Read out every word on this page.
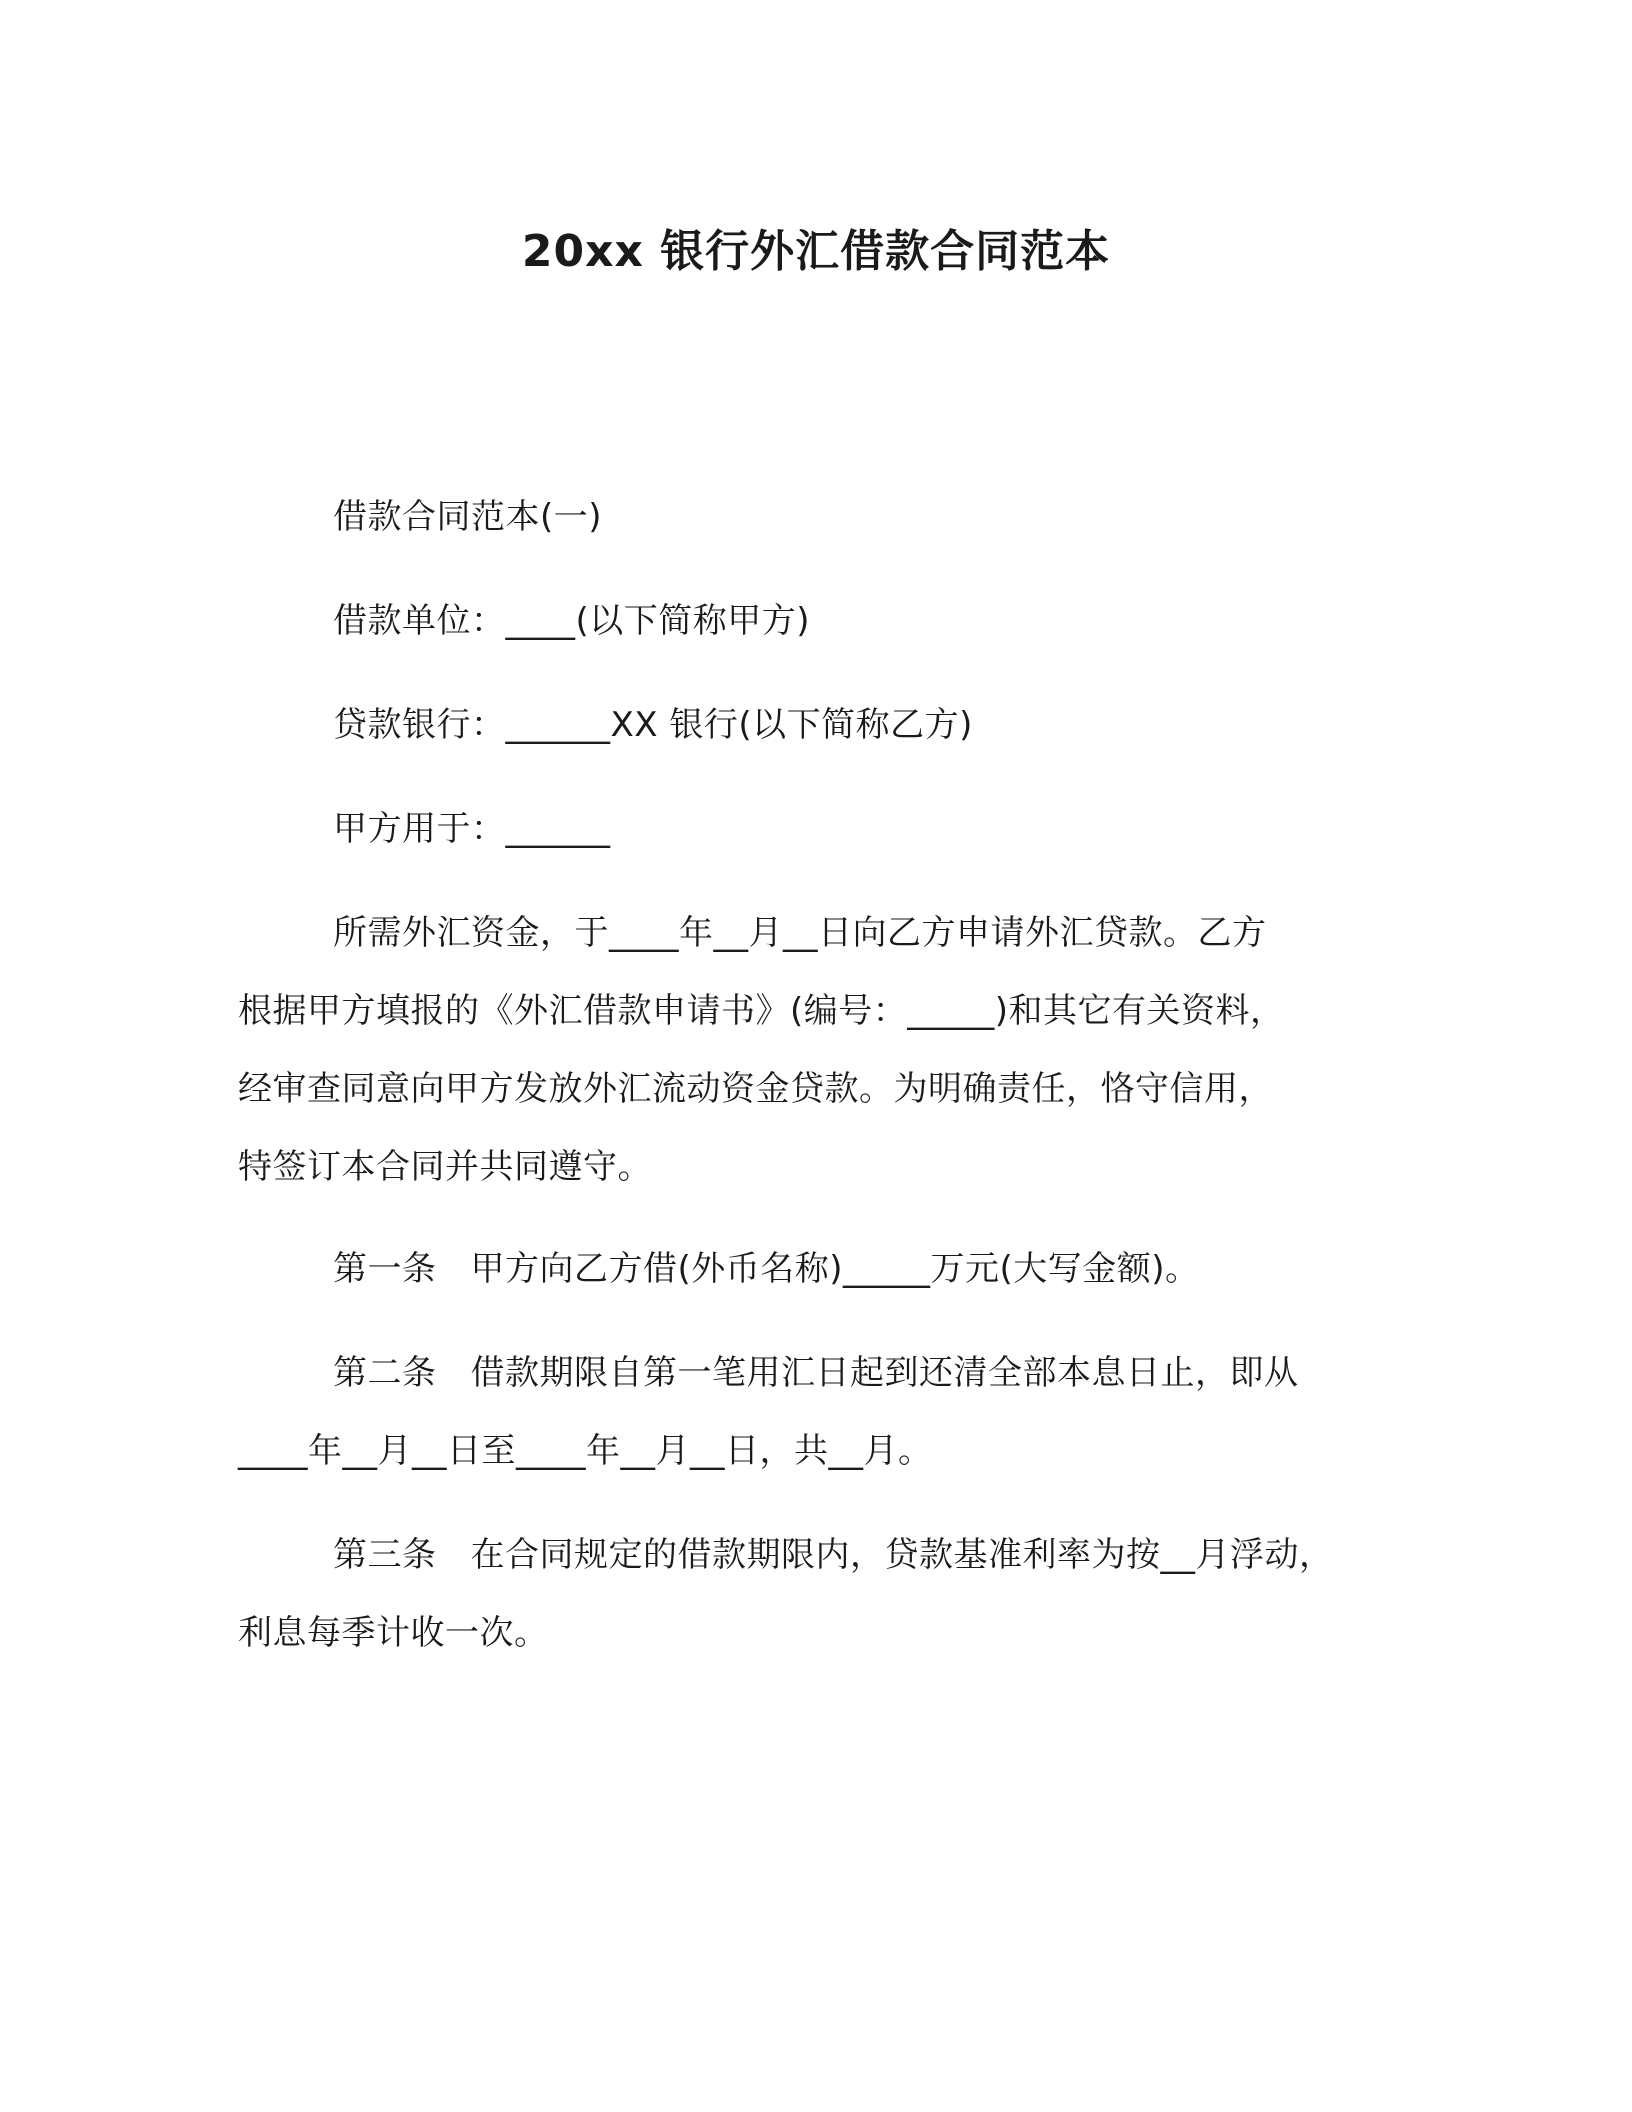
20xx 银行外汇借款合同范本
借款合同范本(一)
借款单位：____(以下简称甲方)
贷款银行：______XX 银行(以下简称乙方)
甲方用于：______
所需外汇资金，于____年__月__日向乙方申请外汇贷款。乙方
根据甲方填报的《外汇借款申请书》(编号：_____)和其它有关资料，
经审查同意向甲方发放外汇流动资金贷款。为明确责任，恪守信用，
特签订本合同并共同遵守。
第一条 甲方向乙方借(外币名称)_____万元(大写金额)。
第二条 借款期限自第一笔用汇日起到还清全部本息日止，即从
____年__月__日至____年__月__日，共__月。
第三条 在合同规定的借款期限内，贷款基准利率为按__月浮动，
利息每季计收一次。
